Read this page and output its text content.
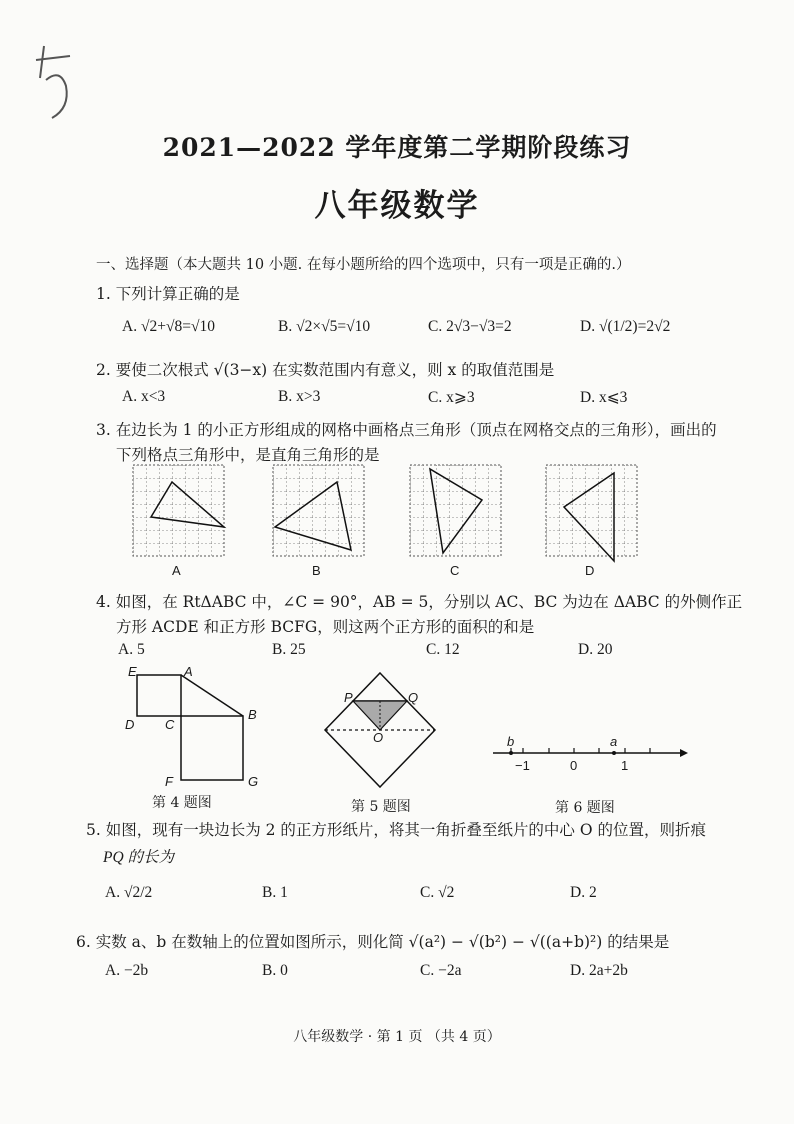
2021—2022 学年度第二学期阶段练习
八年级数学
一、选择题（本大题共 10 小题. 在每小题所给的四个选项中，只有一项是正确的.）
1. 下列计算正确的是
A. √2+√8=√10	B. √2×√5=√10	C. 2√3−√3=2	D. √(1/2)=2√2
2. 要使二次根式 √(3−x) 在实数范围内有意义，则 x 的取值范围是
A. x<3	B. x>3	C. x⩾3	D. x⩽3
3. 在边长为 1 的小正方形组成的网格中画格点三角形（顶点在网格交点的三角形），画出的
下列格点三角形中，是直角三角形的是
A	B	C	D
4. 如图，在 RtΔABC 中，∠C = 90°，AB = 5，分别以 AC、BC 为边在 ΔABC 的外侧作正
方形 ACDE 和正方形 BCFG，则这两个正方形的面积的和是
A. 5	B. 25	C. 12	D. 20
E	A
D C
B
F	G
第 4 题图
P	Q
O
第 5 题图
b	a
−1	0	1
第 6 题图
5. 如图，现有一块边长为 2 的正方形纸片，将其一角折叠至纸片的中心 O 的位置，则折痕
PQ 的长为
A. √2/2	B. 1	C. √2	D. 2
6. 实数 a、b 在数轴上的位置如图所示，则化简 √(a²) − √(b²) − √((a+b)²) 的结果是
A. −2b	B. 0	C. −2a	D. 2a+2b
八年级数学 · 第 1 页 （共 4 页）
